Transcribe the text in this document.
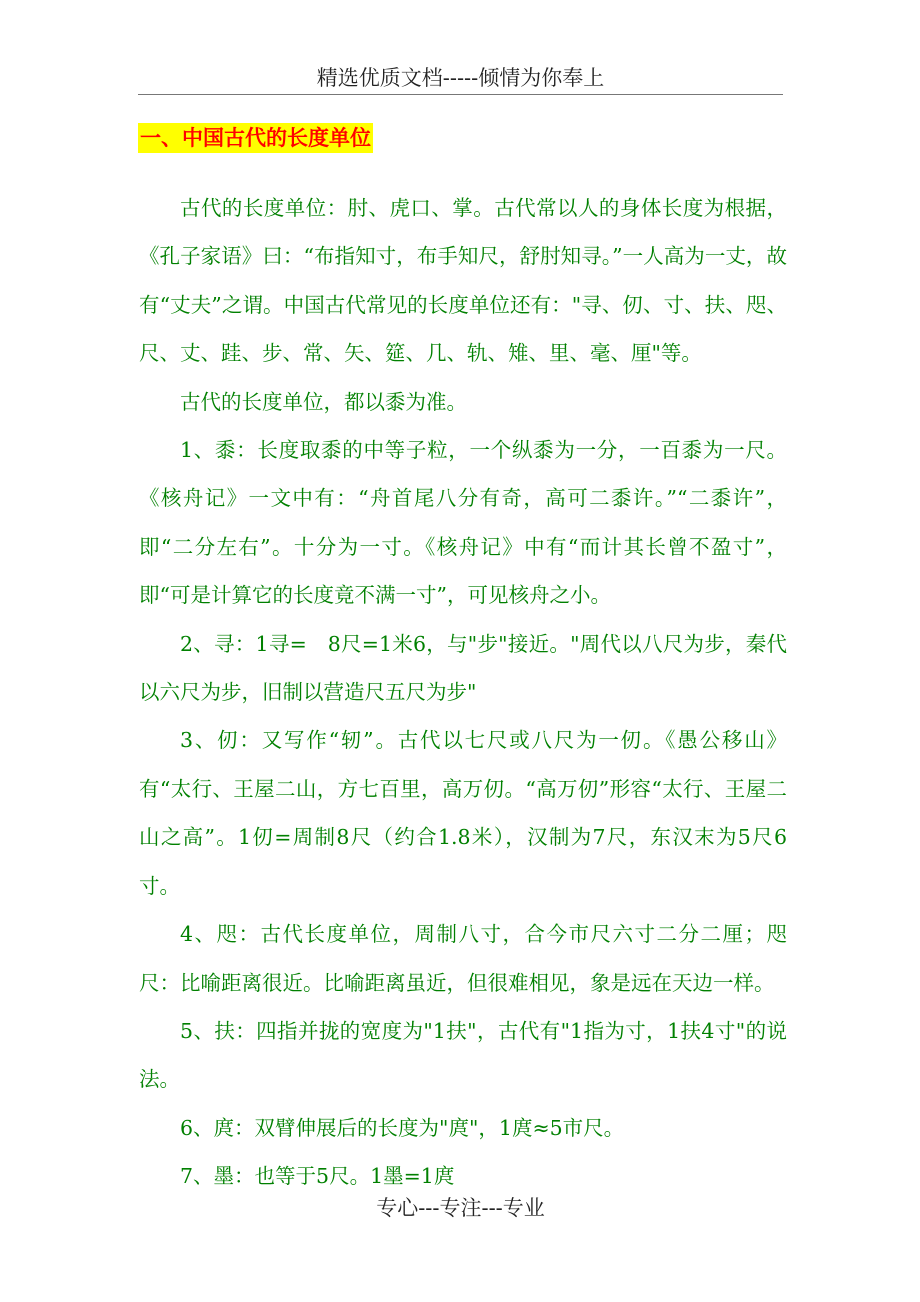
精选优质文档-----倾情为你奉上
一、中国古代的长度单位

古代的长度单位：肘、虎口、掌。古代常以人的身体长度为根据，《孔子家语》曰：“布指知寸，布手知尺，舒肘知寻。”一人高为一丈，故有“丈夫”之谓。中国古代常见的长度单位还有："寻、仞、寸、扶、咫、尺、丈、跬、步、常、矢、筵、几、轨、雉、里、毫、厘"等。

古代的长度单位，都以黍为准。

1、黍：长度取黍的中等子粒，一个纵黍为一分，一百黍为一尺。《核舟记》一文中有：“舟首尾八分有奇，高可二黍许。”“二黍许”，即“二分左右”。十分为一寸。《核舟记》中有“而计其长曾不盈寸”，即“可是计算它的长度竟不满一寸”，可见核舟之小。

2、寻：1寻=　8尺=1米6，与"步"接近。"周代以八尺为步，秦代以六尺为步，旧制以营造尺五尺为步"

3、仞：又写作“轫”。古代以七尺或八尺为一仞。《愚公移山》有“太行、王屋二山，方七百里，高万仞。“高万仞”形容“太行、王屋二山之高”。1仞=周制8尺（约合1.8米），汉制为7尺，东汉末为5尺6寸。

4、咫：古代长度单位，周制八寸，合今市尺六寸二分二厘；咫尺：比喻距离很近。比喻距离虽近，但很难相见，象是远在天边一样。

5、扶：四指并拢的宽度为"1扶"，古代有"1指为寸，1扶4寸"的说法。

6、庹：双臂伸展后的长度为"庹"，1庹≈5市尺。

7、墨：也等于5尺。1墨=1庹

专心---专注---专业
